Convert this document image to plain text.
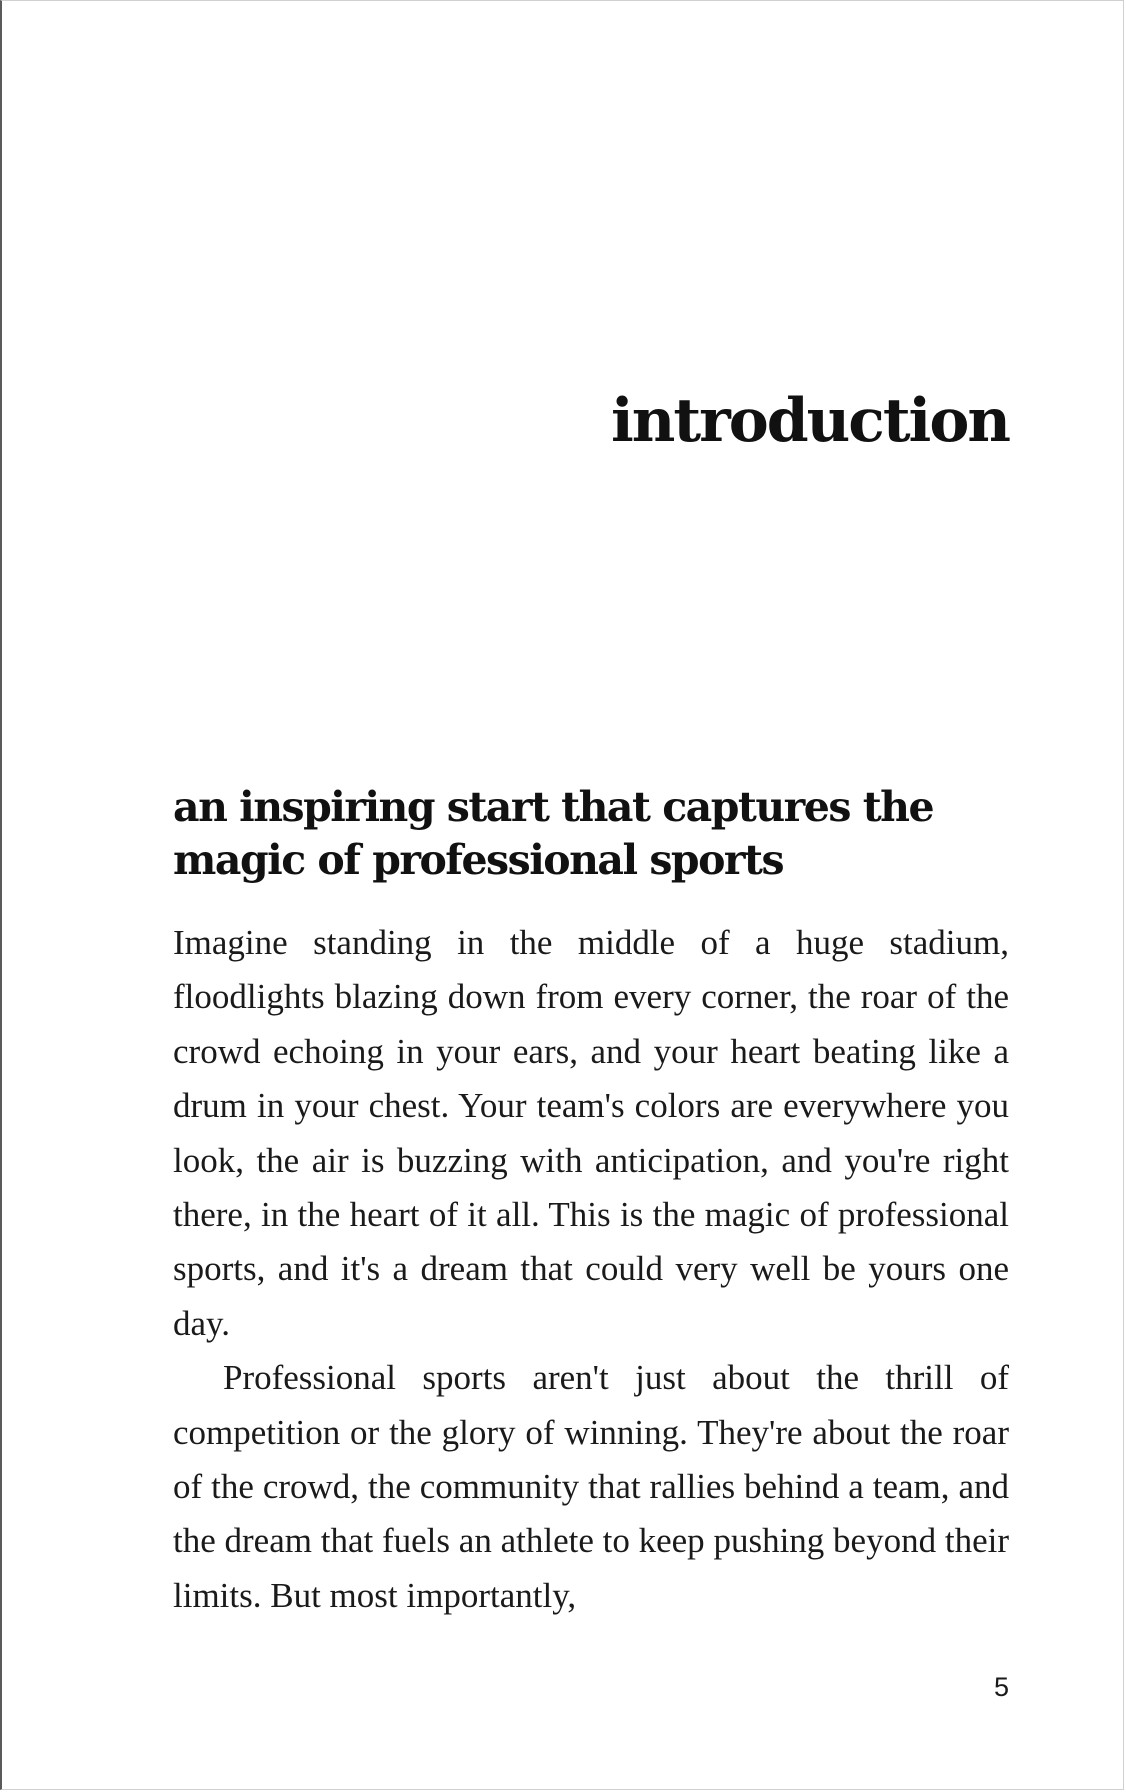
introduction
an inspiring start that captures the magic of professional sports

Imagine standing in the middle of a huge stadium, floodlights blazing down from every corner, the roar of the crowd echoing in your ears, and your heart beating like a drum in your chest. Your team's colors are everywhere you look, the air is buzzing with anticipation, and you're right there, in the heart of it all. This is the magic of professional sports, and it's a dream that could very well be yours one day.

Professional sports aren't just about the thrill of competition or the glory of winning. They're about the roar of the crowd, the community that rallies behind a team, and the dream that fuels an athlete to keep pushing beyond their limits. But most importantly,

5
